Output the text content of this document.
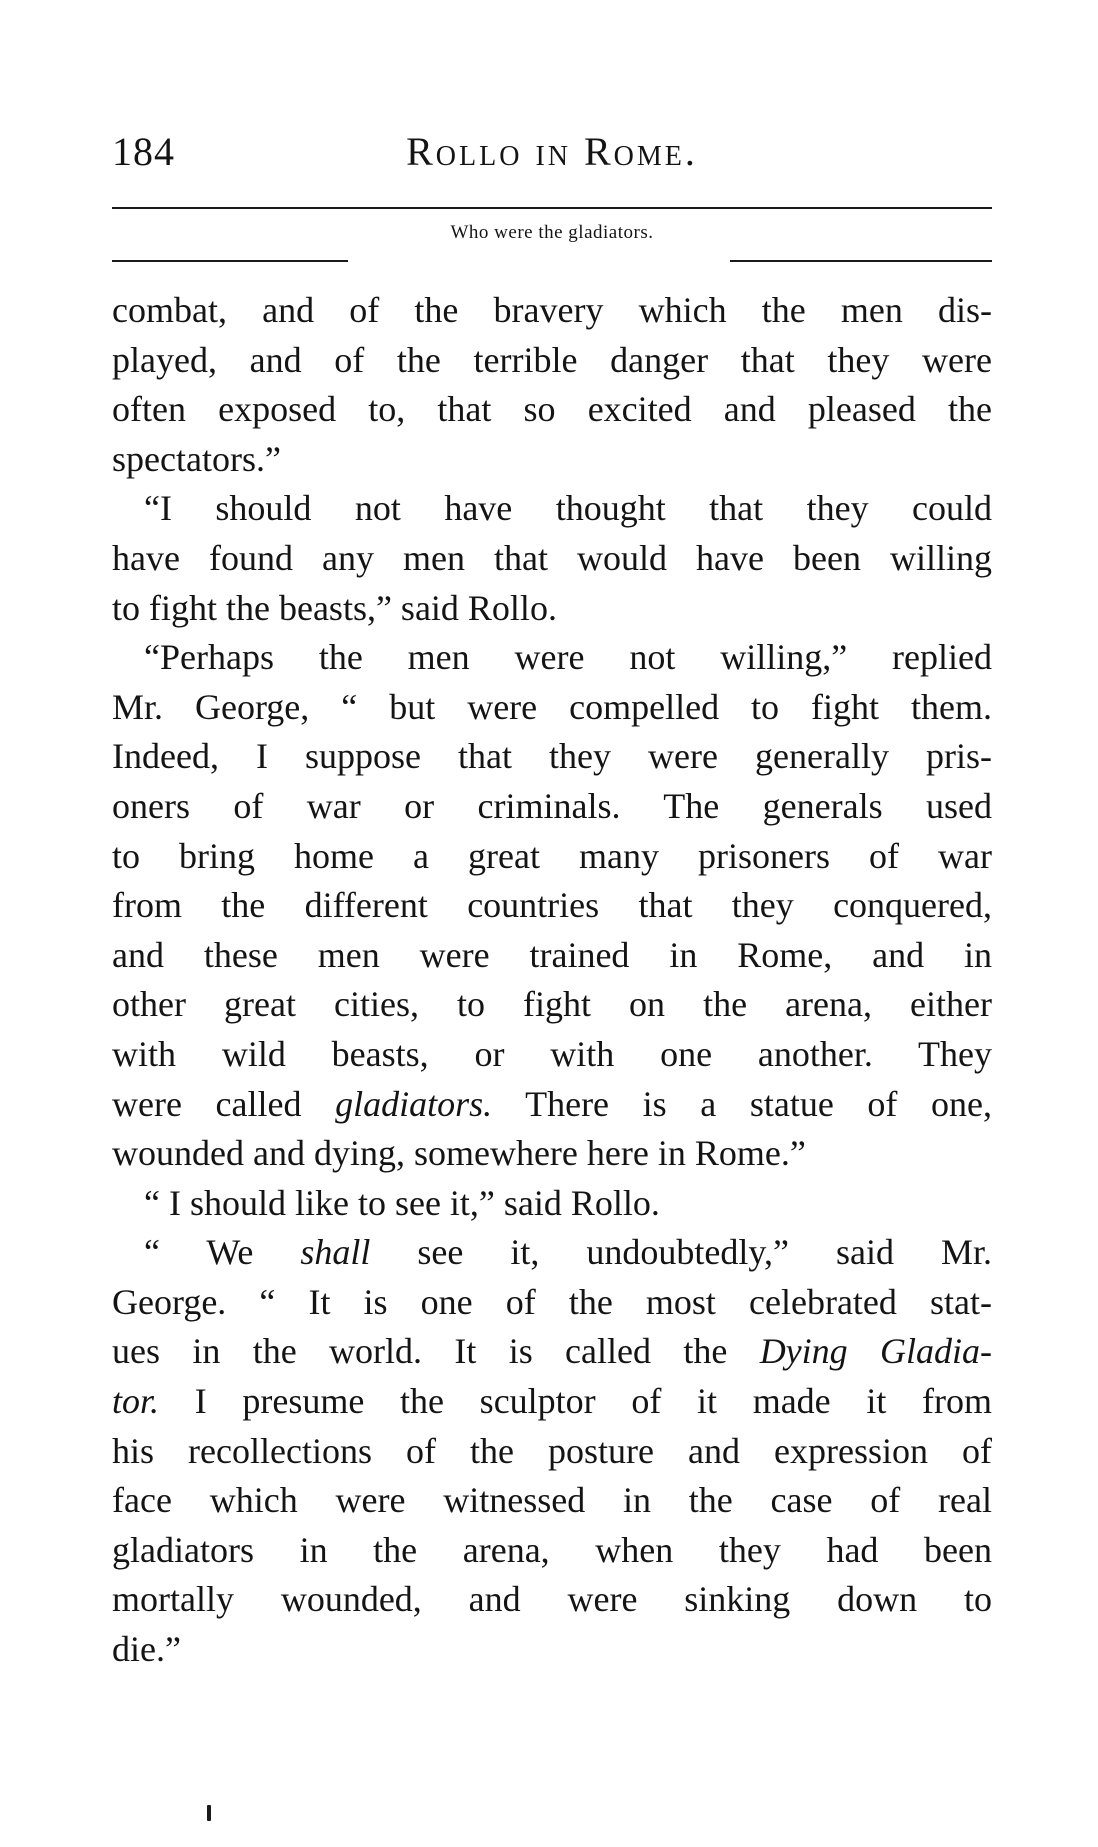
184	Rollo in Rome.
Who were the gladiators.
combat, and of the bravery which the men dis-
played, and of the terrible danger that they were
often exposed to, that so excited and pleased the
spectators.”
“I should not have thought that they could
have found any men that would have been willing
to fight the beasts,” said Rollo.
“Perhaps the men were not willing,” replied
Mr. George, “ but were compelled to fight them.
Indeed, I suppose that they were generally pris-
oners of war or criminals. The generals used
to bring home a great many prisoners of war
from the different countries that they conquered,
and these men were trained in Rome, and in
other great cities, to fight on the arena, either
with wild beasts, or with one another. They
were called gladiators. There is a statue of one,
wounded and dying, somewhere here in Rome.”
“ I should like to see it,” said Rollo.
“ We shall see it, undoubtedly,” said Mr.
George. “ It is one of the most celebrated stat-
ues in the world. It is called the Dying Gladia-
tor. I presume the sculptor of it made it from
his recollections of the posture and expression of
face which were witnessed in the case of real
gladiators in the arena, when they had been
mortally wounded, and were sinking down to
die.”
